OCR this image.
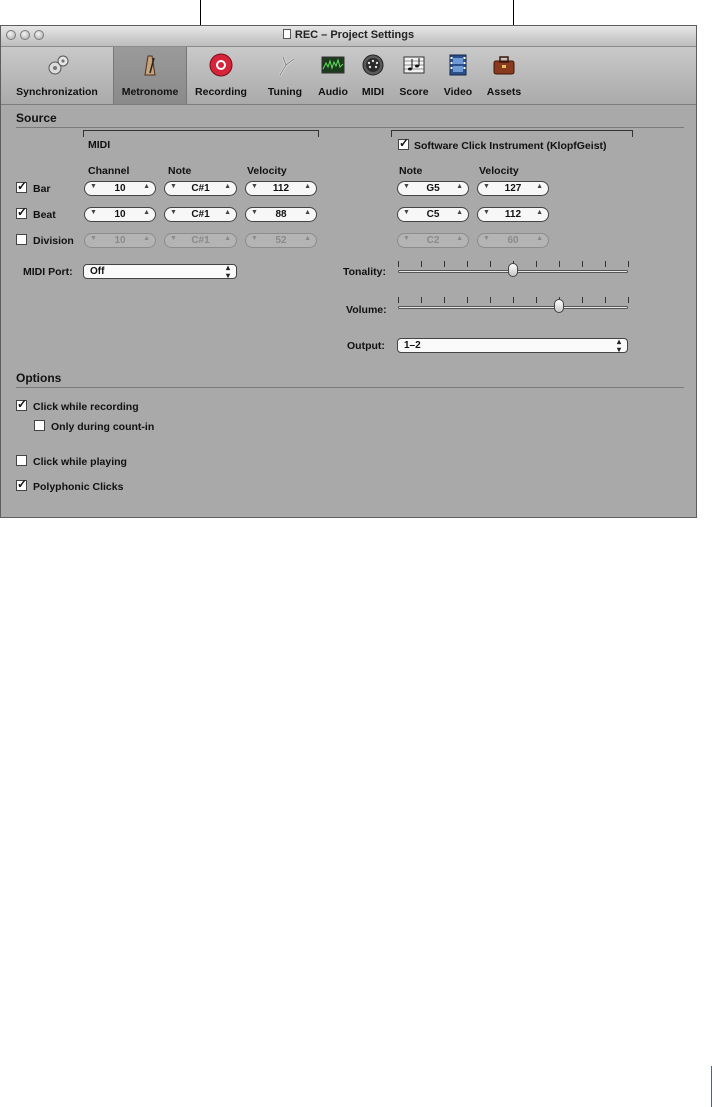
REC – Project Settings
Synchronization	Metronome	Recording	Tuning	Audio	MIDI	Score	Video	Assets
Source
MIDI	✓ Software Click Instrument (KlopfGeist)
Channel	Note	Velocity	Note	Velocity
✓ Bar	▼	10	▲	▼	C#1	▲	▼	112	▲	▼	G5	▲	▼	127	▲
✓ Beat	▼	10	▲	▼	C#1	▲	▼	88	▲	▼	C5	▲	▼	112	▲
Division ▼	10	▲	▼	C#1	▲	▼	52	▲	▼	C2	▲	▼	60	▲
MIDI Port: Off	▴
▾	Tonality:
Volume:
Output: 1–2	▴
▾
Options
✓ Click while recording
Only during count-in
Click while playing
✓ Polyphonic Clicks
